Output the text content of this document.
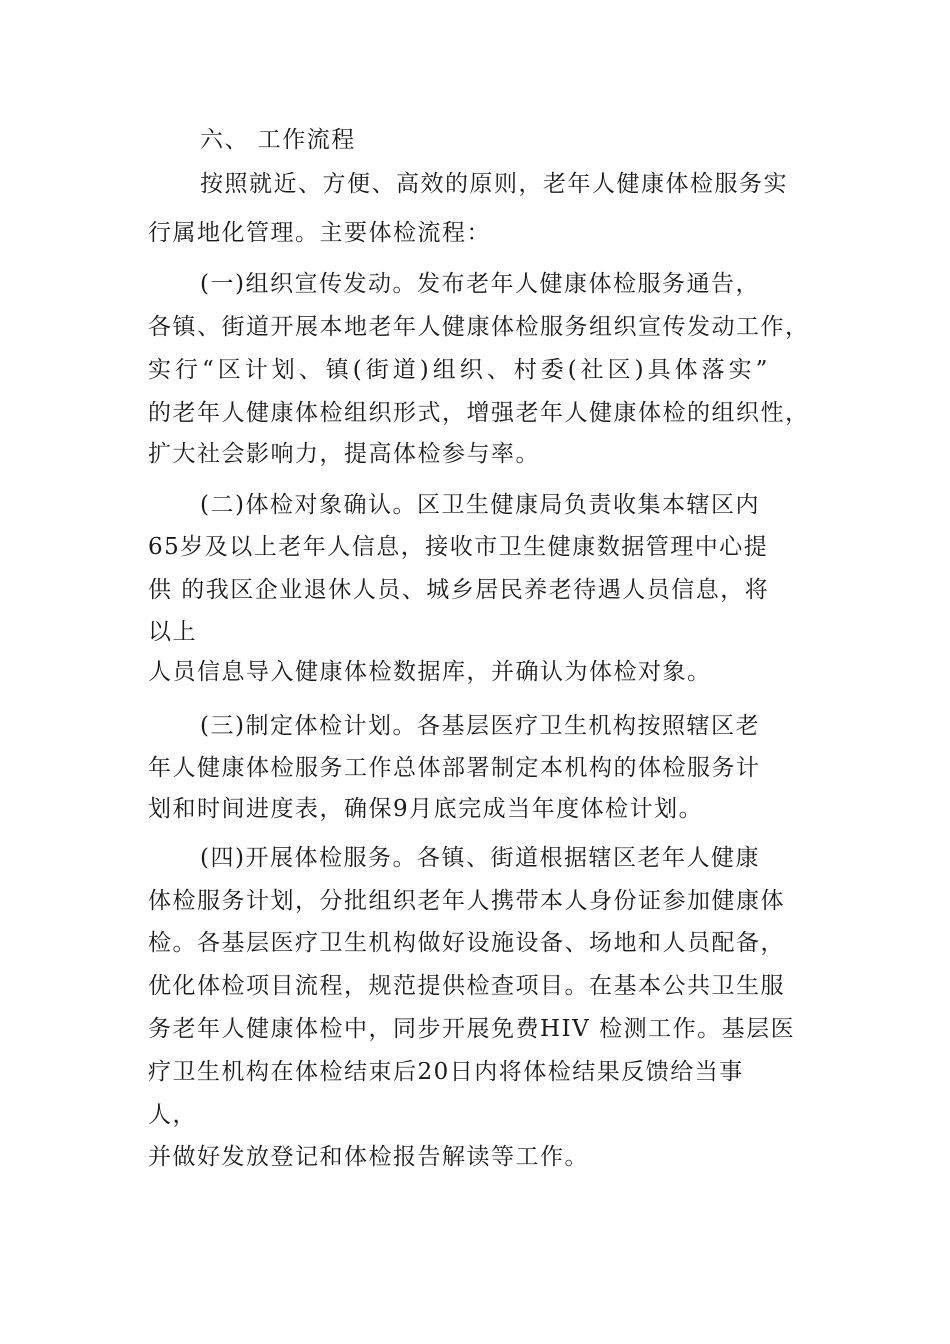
六、 工作流程
按照就近、方便、高效的原则，老年人健康体检服务实
行属地化管理。主要体检流程：
(一)组织宣传发动。发布老年人健康体检服务通告，
各镇、街道开展本地老年人健康体检服务组织宣传发动工作，
实行“区计划、镇(街道)组织、村委(社区)具体落实”
的老年人健康体检组织形式，增强老年人健康体检的组织性，
扩大社会影响力，提高体检参与率。
(二)体检对象确认。区卫生健康局负责收集本辖区内
65岁及以上老年人信息，接收市卫生健康数据管理中心提
供 的我区企业退休人员、城乡居民养老待遇人员信息，将
以上
人员信息导入健康体检数据库，并确认为体检对象。
(三)制定体检计划。各基层医疗卫生机构按照辖区老
年人健康体检服务工作总体部署制定本机构的体检服务计
划和时间进度表，确保9月底完成当年度体检计划。
(四)开展体检服务。各镇、街道根据辖区老年人健康
体检服务计划，分批组织老年人携带本人身份证参加健康体
检。各基层医疗卫生机构做好设施设备、场地和人员配备，
优化体检项目流程，规范提供检查项目。在基本公共卫生服
务老年人健康体检中，同步开展免费HIV 检测工作。基层医
疗卫生机构在体检结束后20日内将体检结果反馈给当事
人，
并做好发放登记和体检报告解读等工作。
